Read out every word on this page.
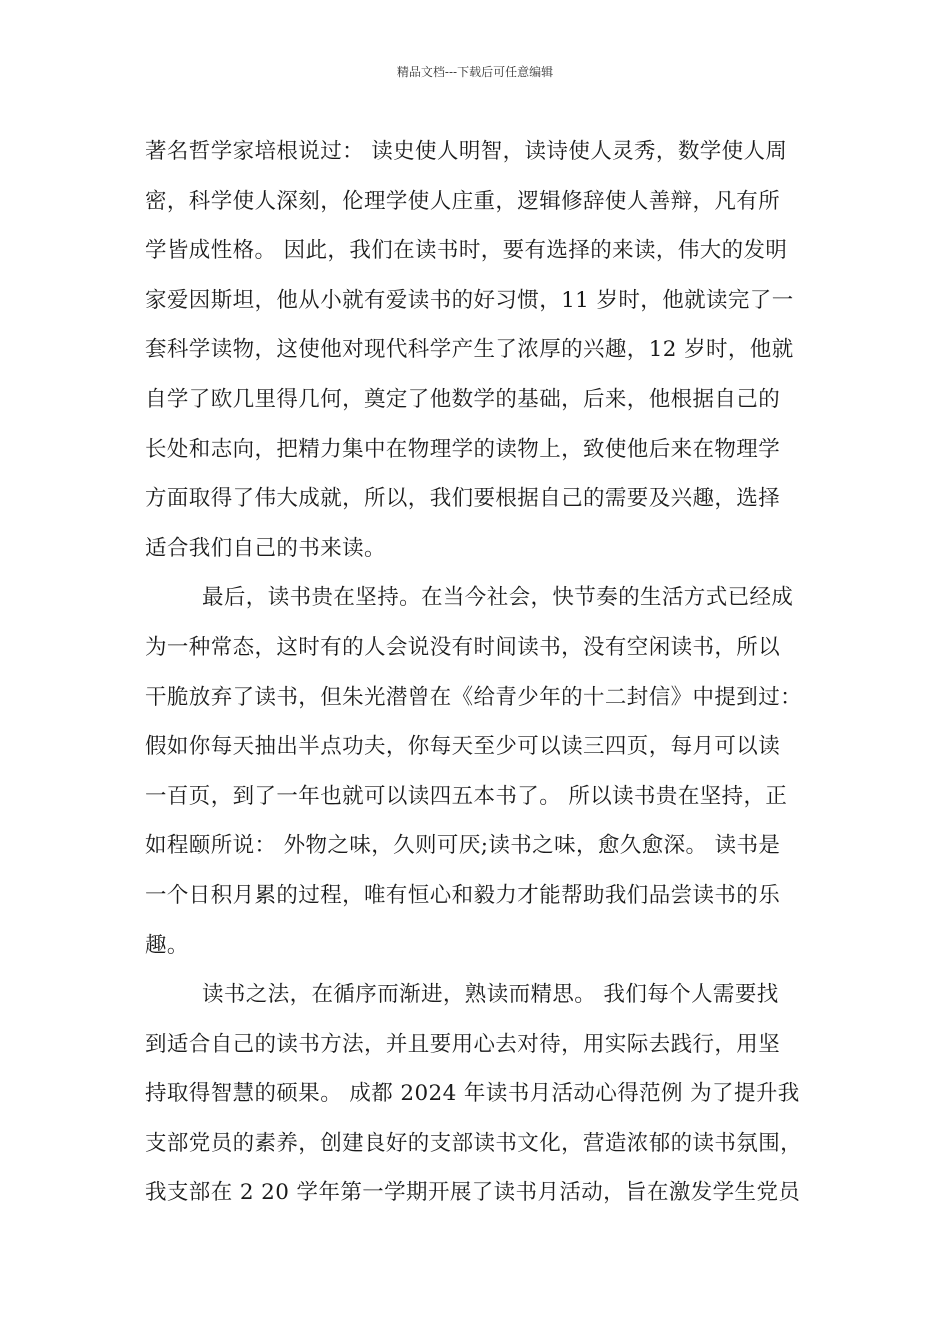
精品文档---下载后可任意编辑
著名哲学家培根说过： 读史使人明智，读诗使人灵秀，数学使人周
密，科学使人深刻，伦理学使人庄重，逻辑修辞使人善辩，凡有所
学皆成性格。 因此，我们在读书时，要有选择的来读，伟大的发明
家爱因斯坦，他从小就有爱读书的好习惯，11 岁时，他就读完了一
套科学读物，这使他对现代科学产生了浓厚的兴趣，12 岁时，他就
自学了欧几里得几何，奠定了他数学的基础，后来，他根据自己的
长处和志向，把精力集中在物理学的读物上，致使他后来在物理学
方面取得了伟大成就，所以，我们要根据自己的需要及兴趣，选择
适合我们自己的书来读。
最后，读书贵在坚持。在当今社会，快节奏的生活方式已经成
为一种常态，这时有的人会说没有时间读书，没有空闲读书，所以
干脆放弃了读书，但朱光潜曾在《给青少年的十二封信》中提到过：
假如你每天抽出半点功夫，你每天至少可以读三四页，每月可以读
一百页，到了一年也就可以读四五本书了。 所以读书贵在坚持，正
如程颐所说： 外物之味，久则可厌;读书之味，愈久愈深。 读书是
一个日积月累的过程，唯有恒心和毅力才能帮助我们品尝读书的乐
趣。
读书之法，在循序而渐进，熟读而精思。 我们每个人需要找
到适合自己的读书方法，并且要用心去对待，用实际去践行，用坚
持取得智慧的硕果。 成都 2024 年读书月活动心得范例 为了提升我
支部党员的素养，创建良好的支部读书文化，营造浓郁的读书氛围，
我支部在 2 20 学年第一学期开展了读书月活动，旨在激发学生党员
